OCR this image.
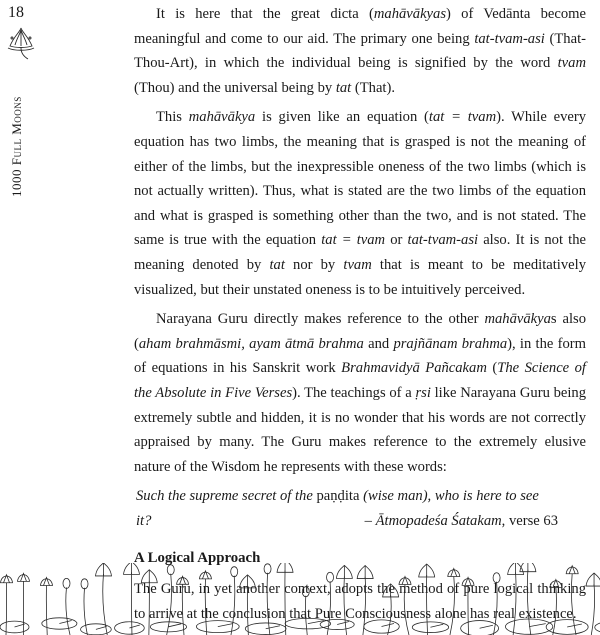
18
1000 Full Moons

It is here that the great dicta (mahāvākyas) of Vedānta become meaningful and come to our aid. The primary one being tat-tvam-asi (That-Thou-Art), in which the individual being is signified by the word tvam (Thou) and the universal being by tat (That).

This mahāvākya is given like an equation (tat = tvam). While every equation has two limbs, the meaning that is grasped is not the meaning of either of the limbs, but the inexpressible oneness of the two limbs (which is not actually written). Thus, what is stated are the two limbs of the equation and what is grasped is something other than the two, and is not stated. The same is true with the equation tat = tvam or tat-tvam-asi also. It is not the meaning denoted by tat nor by tvam that is meant to be meditatively visualized, but their unstated oneness is to be intuitively perceived.

Narayana Guru directly makes reference to the other mahāvākyas also (aham brahmāsmi, ayam ātmā brahma and prajñānam brahma), in the form of equations in his Sanskrit work Brahmavidyā Pañcakam (The Science of the Absolute in Five Verses). The teachings of a ṛsi like Narayana Guru being extremely subtle and hidden, it is no wonder that his words are not correctly appraised by many. The Guru makes reference to the extremely elusive nature of the Wisdom he represents with these words:

Such the supreme secret of the paṇḍita (wise man), who is here to see
it?	– Ātmopadeśa Śatakam, verse 63
A Logical Approach

The Guru, in yet another context, adopts the method of pure logical thinking to arrive at the conclusion that Pure Consciousness alone has real existence.
